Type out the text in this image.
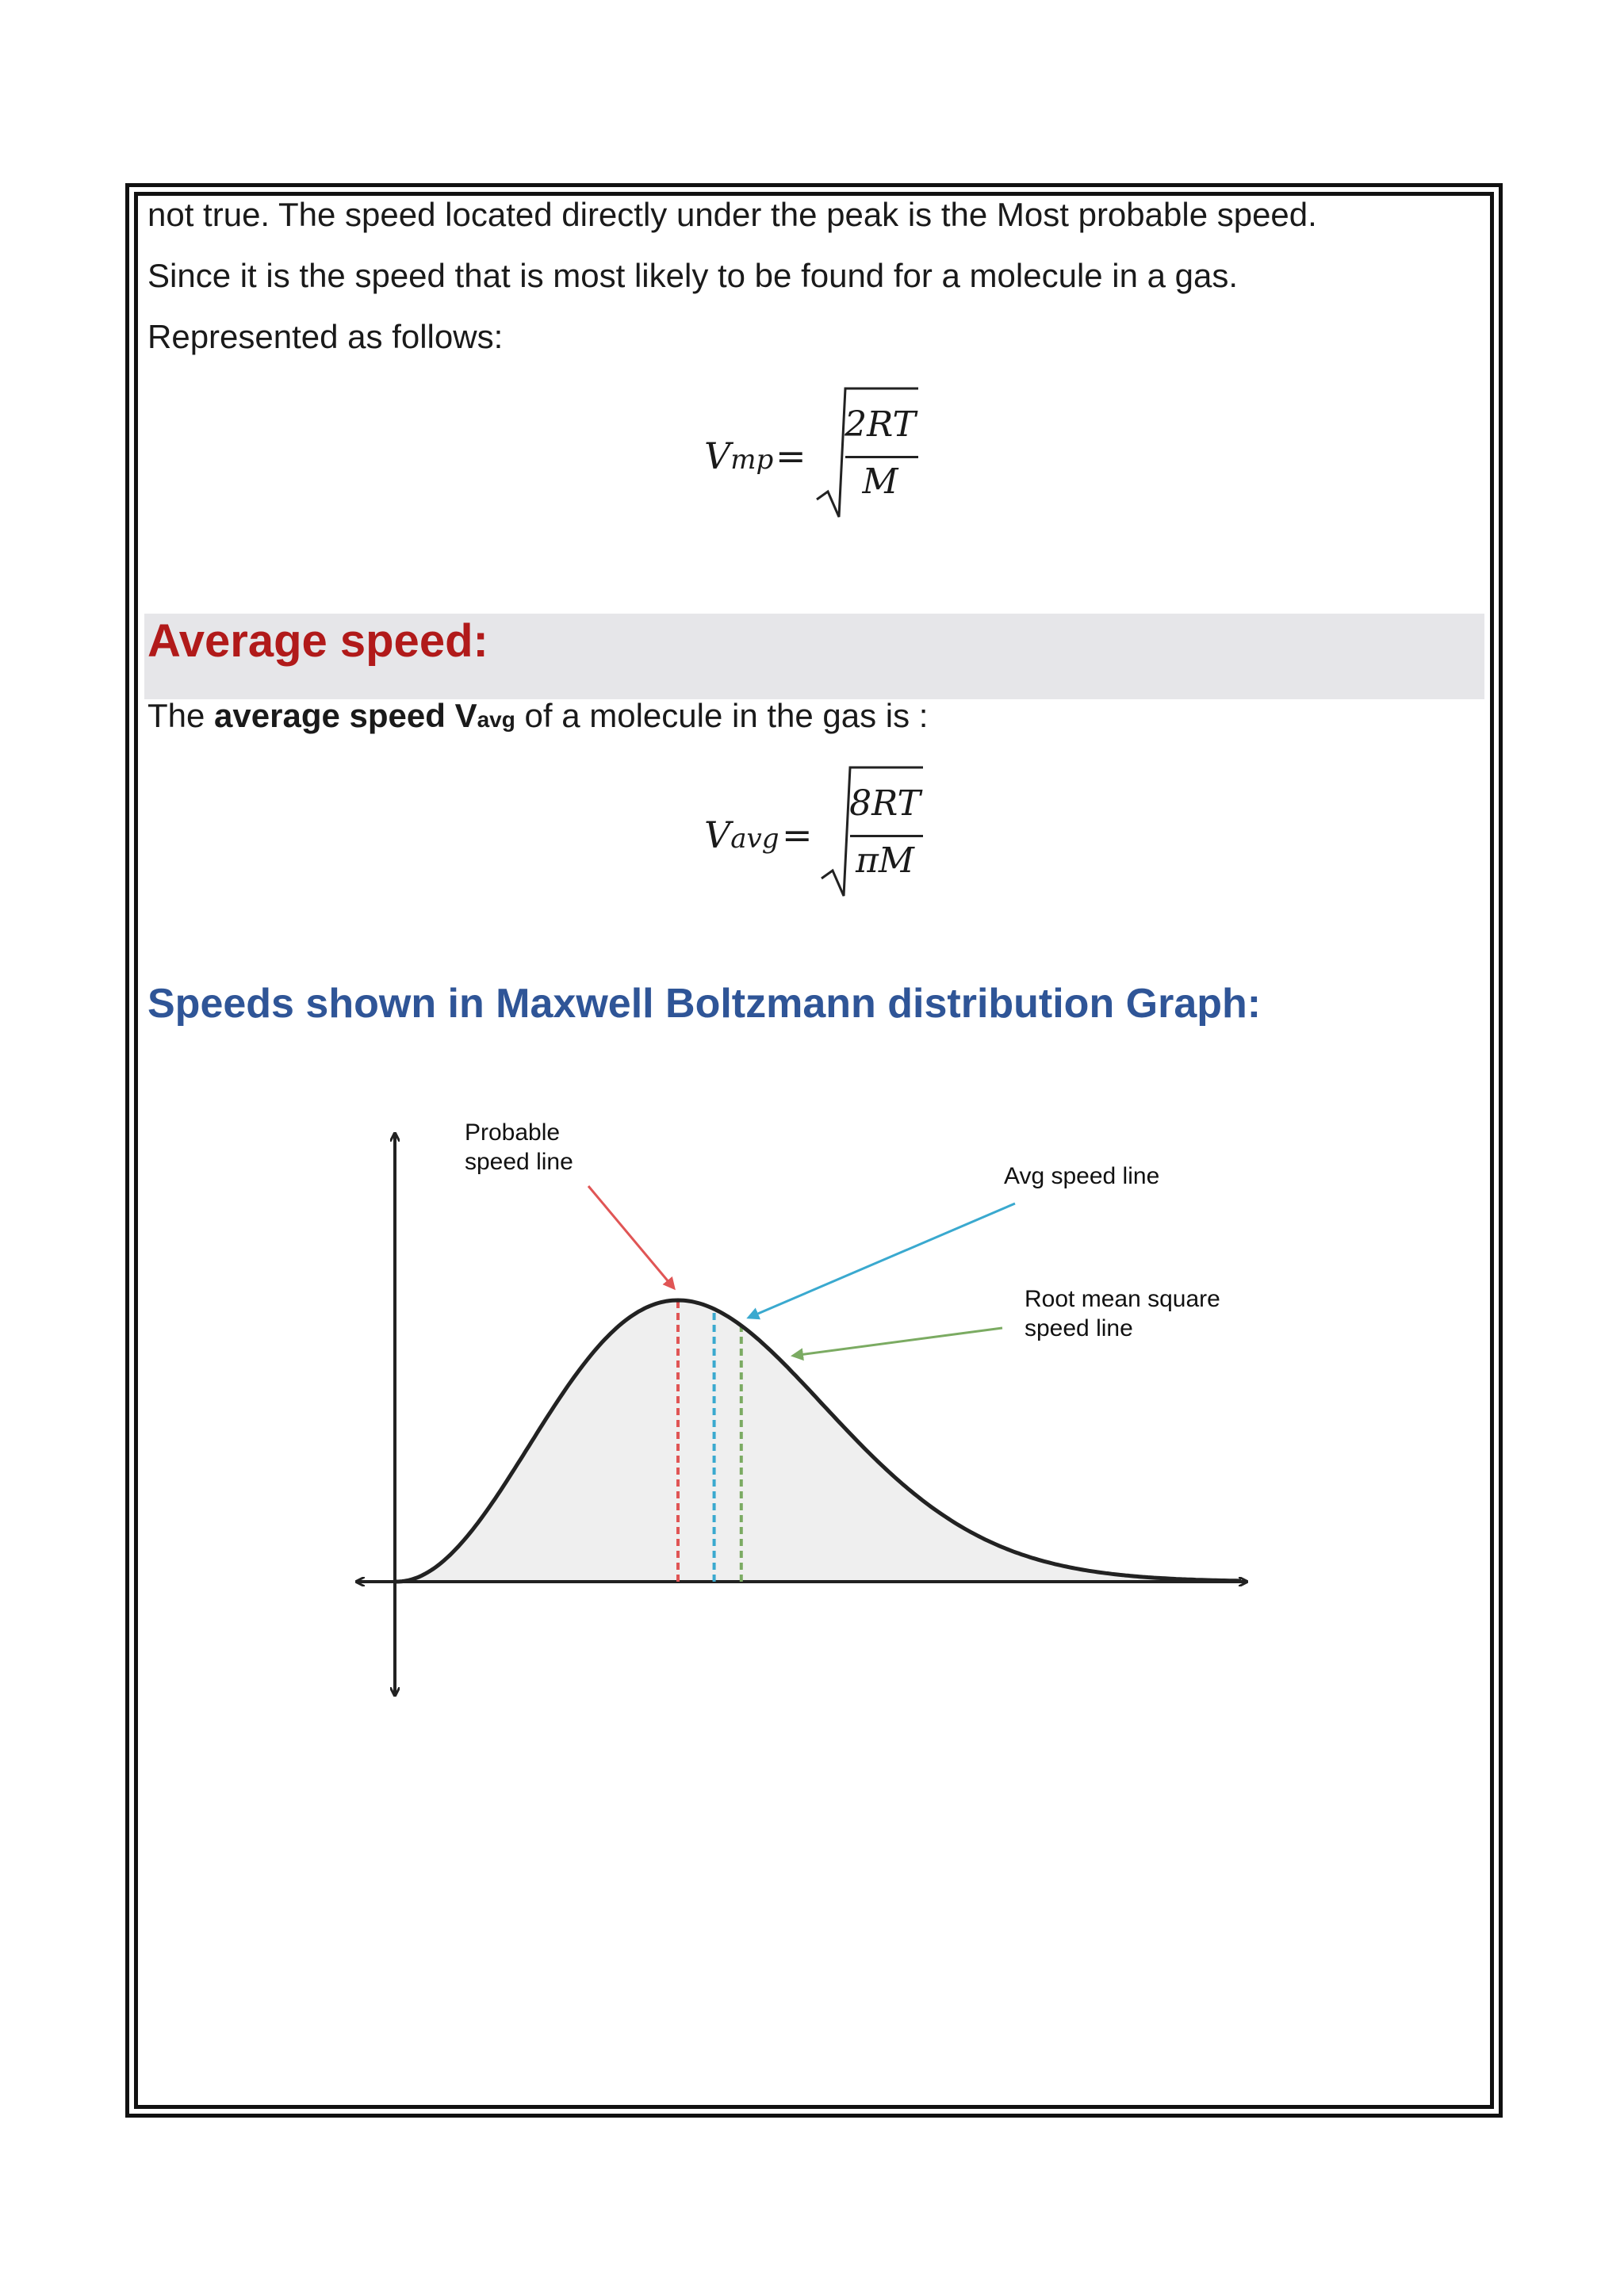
not true. The speed located directly under the peak is the Most probable speed.
Since it is the speed that is most likely to be found for a molecule in a gas.
Represented as follows:
Vmp =
2RT
M
Average speed:
The average speed Vavg of a molecule in the gas is :
Vavg =
8RT
πM
Speeds shown in Maxwell Boltzmann distribution Graph:
Probable
speed line
Avg speed line
Root mean square
speed line
